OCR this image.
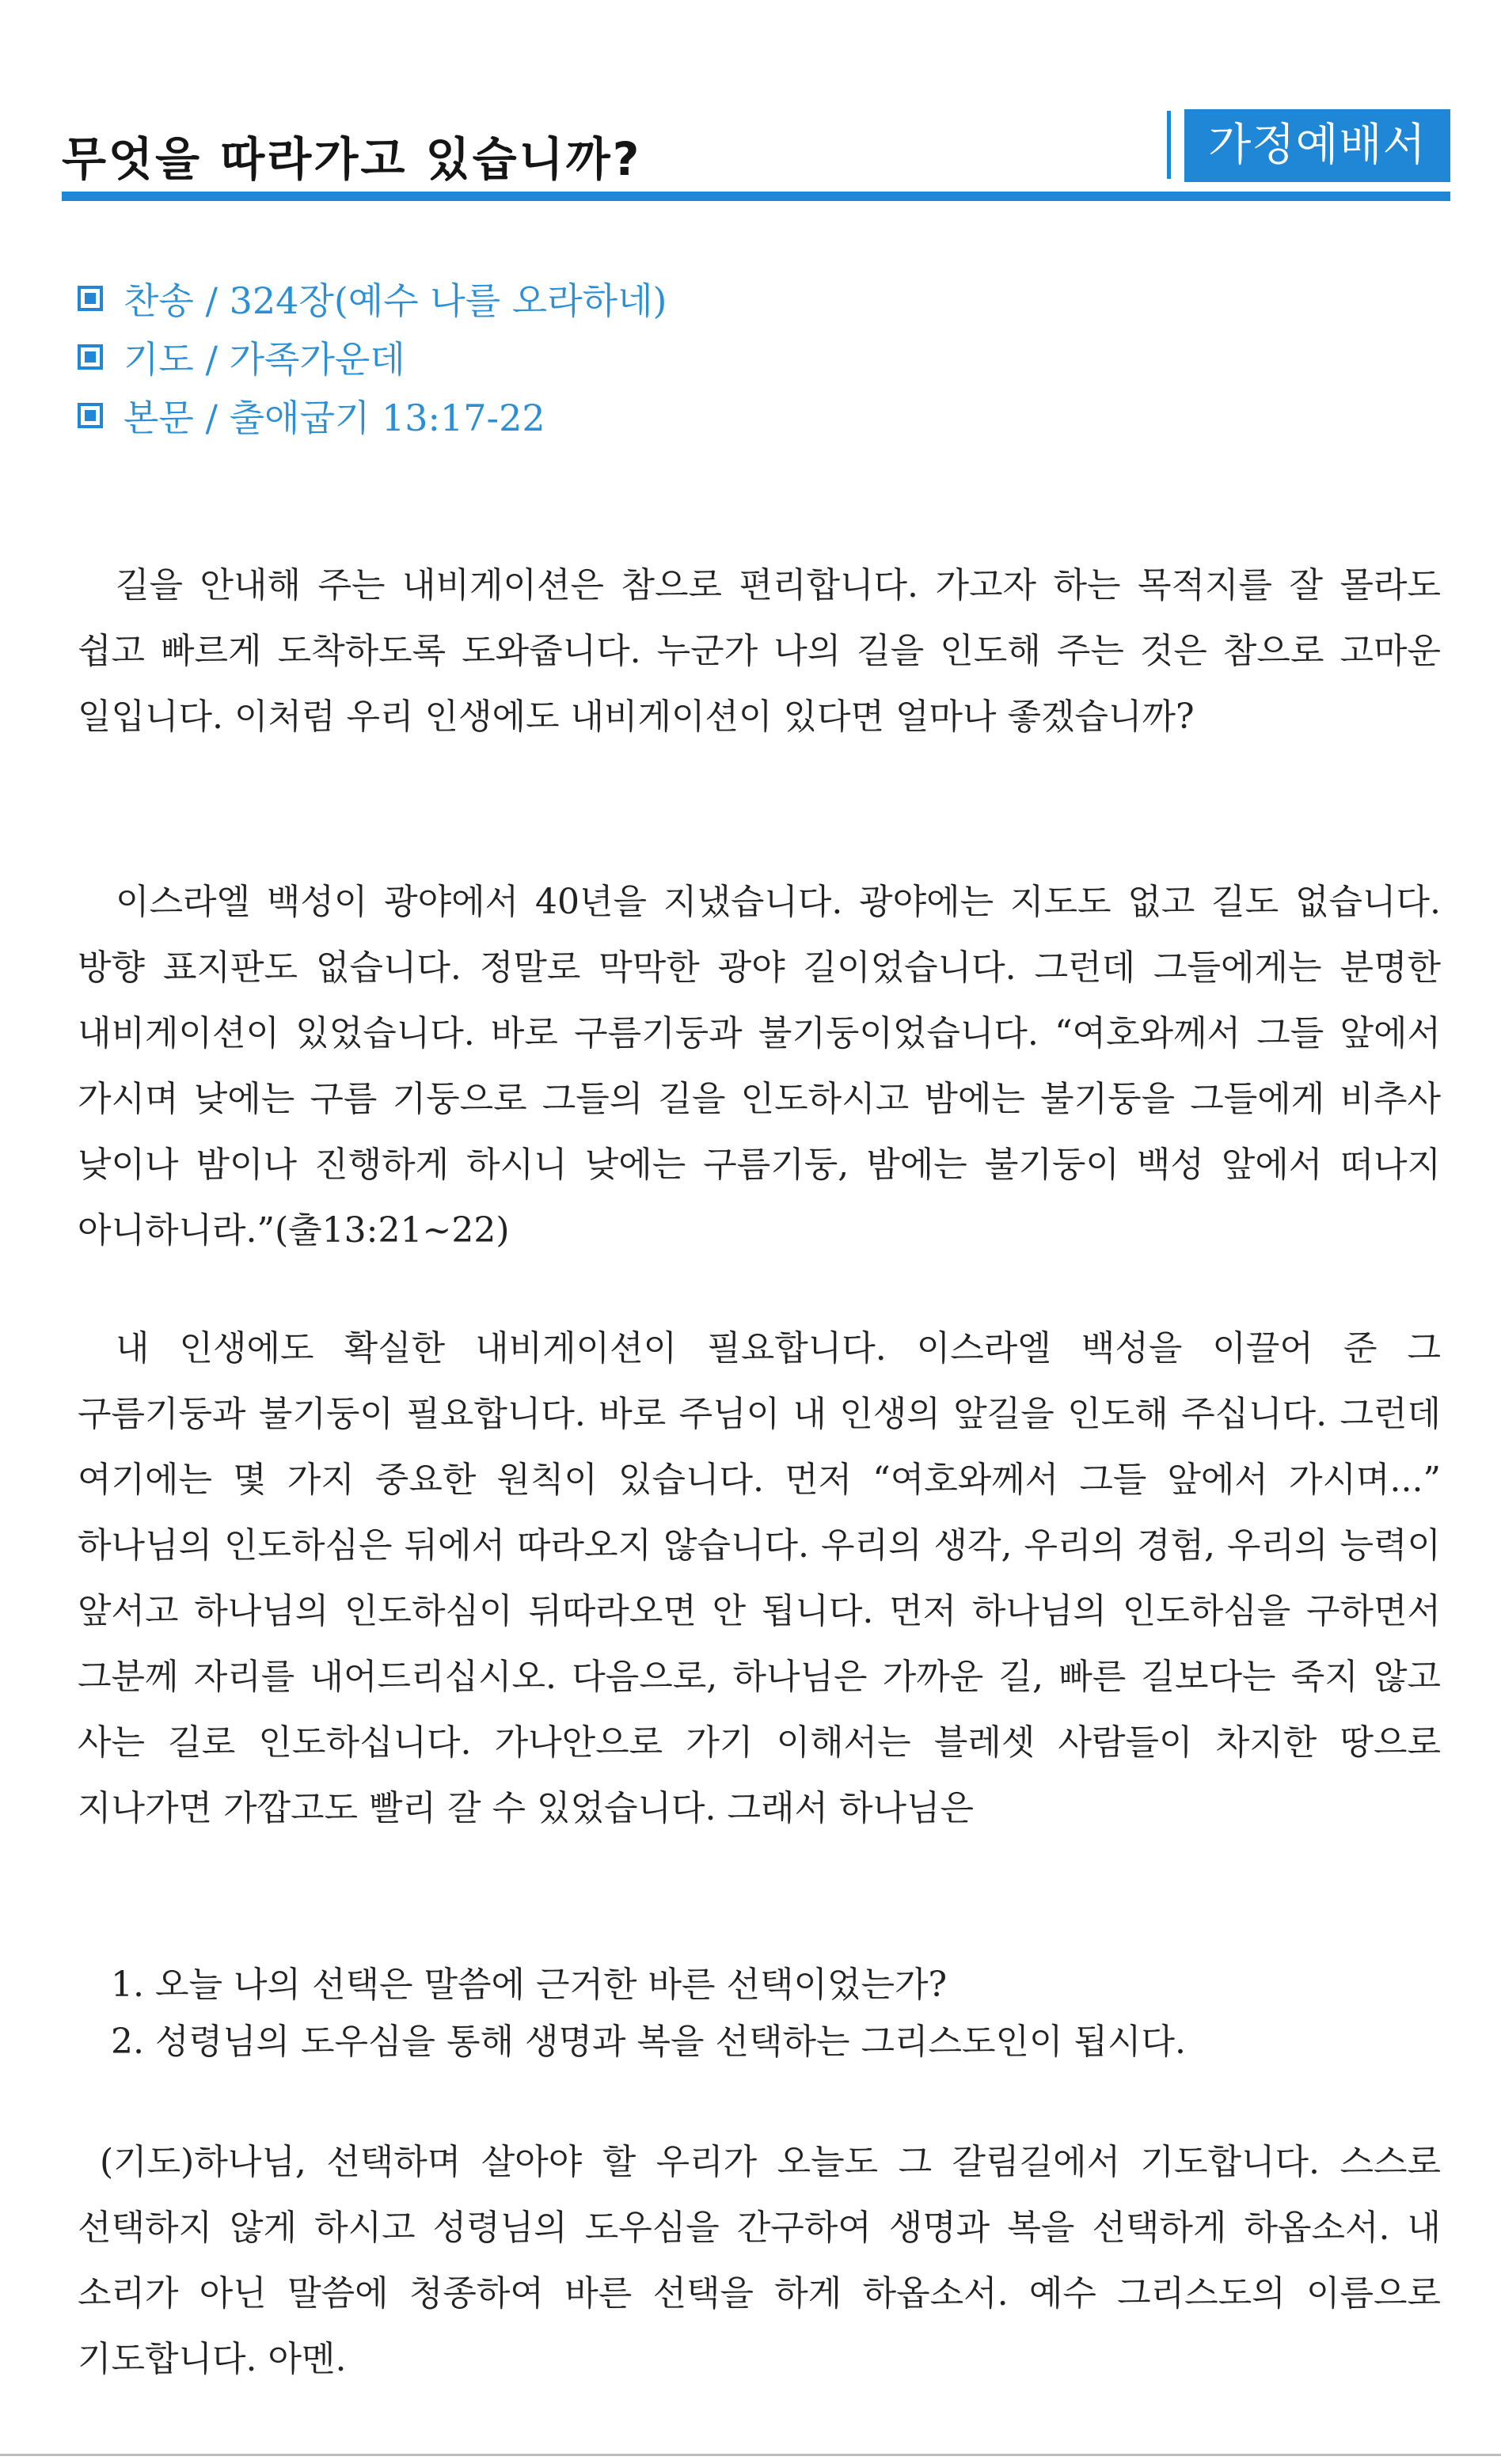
무엇을 따라가고 있습니까?	가정예배서
찬송 / 324장(예수 나를 오라하네)
기도 / 가족가운데
본문 / 출애굽기 13:17-22

길을 안내해 주는 내비게이션은 참으로 편리합니다. 가고자 하는 목적지를 잘 몰라도 쉽고 빠르게 도착하도록 도와줍니다. 누군가 나의 길을 인도해 주는 것은 참으로 고마운 일입니다. 이처럼 우리 인생에도 내비게이션이 있다면 얼마나 좋겠습니까?

이스라엘 백성이 광야에서 40년을 지냈습니다. 광야에는 지도도 없고 길도 없습니다. 방향 표지판도 없습니다. 정말로 막막한 광야 길이었습니다. 그런데 그들에게는 분명한 내비게이션이 있었습니다. 바로 구름기둥과 불기둥이었습니다. “여호와께서 그들 앞에서 가시며 낮에는 구름 기둥으로 그들의 길을 인도하시고 밤에는 불기둥을 그들에게 비추사 낮이나 밤이나 진행하게 하시니 낮에는 구름기둥, 밤에는 불기둥이 백성 앞에서 떠나지 아니하니라.”(출13:21~22)

내 인생에도 확실한 내비게이션이 필요합니다. 이스라엘 백성을 이끌어 준 그 구름기둥과 불기둥이 필요합니다. 바로 주님이 내 인생의 앞길을 인도해 주십니다. 그런데 여기에는 몇 가지 중요한 원칙이 있습니다. 먼저 “여호와께서 그들 앞에서 가시며...” 하나님의 인도하심은 뒤에서 따라오지 않습니다. 우리의 생각, 우리의 경험, 우리의 능력이 앞서고 하나님의 인도하심이 뒤따라오면 안 됩니다. 먼저 하나님의 인도하심을 구하면서 그분께 자리를 내어드리십시오. 다음으로, 하나님은 가까운 길, 빠른 길보다는 죽지 않고 사는 길로 인도하십니다. 가나안으로 가기 이해서는 블레셋 사람들이 차지한 땅으로 지나가면 가깝고도 빨리 갈 수 있었습니다. 그래서 하나님은

1. 오늘 나의 선택은 말씀에 근거한 바른 선택이었는가?
2. 성령님의 도우심을 통해 생명과 복을 선택하는 그리스도인이 됩시다.

(기도)하나님, 선택하며 살아야 할 우리가 오늘도 그 갈림길에서 기도합니다. 스스로 선택하지 않게 하시고 성령님의 도우심을 간구하여 생명과 복을 선택하게 하옵소서. 내 소리가 아닌 말씀에 청종하여 바른 선택을 하게 하옵소서. 예수 그리스도의 이름으로 기도합니다. 아멘.
